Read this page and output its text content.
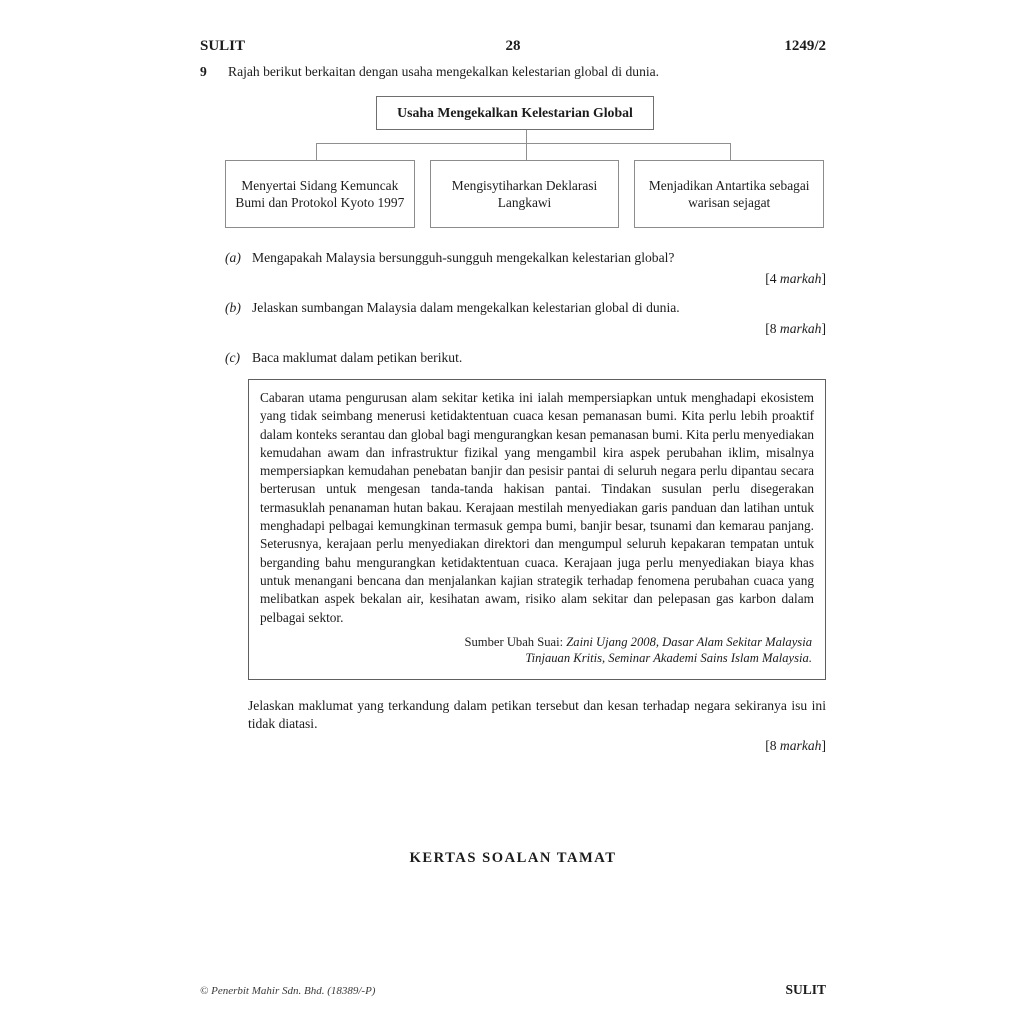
SULIT	28	1249/2
9	Rajah berikut berkaitan dengan usaha mengekalkan kelestarian global di dunia.
Usaha Mengekalkan Kelestarian Global
Menyertai Sidang Kemuncak Bumi dan Protokol Kyoto 1997
Mengisytiharkan Deklarasi Langkawi
Menjadikan Antartika sebagai warisan sejagat
(a) Mengapakah Malaysia bersungguh-sungguh mengekalkan kelestarian global?
[4 markah]
(b) Jelaskan sumbangan Malaysia dalam mengekalkan kelestarian global di dunia.
[8 markah]
(c) Baca maklumat dalam petikan berikut.

Cabaran utama pengurusan alam sekitar ketika ini ialah mempersiapkan untuk menghadapi ekosistem yang tidak seimbang menerusi ketidaktentuan cuaca kesan pemanasan bumi. Kita perlu lebih proaktif dalam konteks serantau dan global bagi mengurangkan kesan pemanasan bumi. Kita perlu menyediakan kemudahan awam dan infrastruktur fizikal yang mengambil kira aspek perubahan iklim, misalnya mempersiapkan kemudahan penebatan banjir dan pesisir pantai di seluruh negara perlu dipantau secara berterusan untuk mengesan tanda-tanda hakisan pantai. Tindakan susulan perlu disegerakan termasuklah penanaman hutan bakau. Kerajaan mestilah menyediakan garis panduan dan latihan untuk menghadapi pelbagai kemungkinan termasuk gempa bumi, banjir besar, tsunami dan kemarau panjang. Seterusnya, kerajaan perlu menyediakan direktori dan mengumpul seluruh kepakaran tempatan untuk berganding bahu mengurangkan ketidaktentuan cuaca. Kerajaan juga perlu menyediakan biaya khas untuk menangani bencana dan menjalankan kajian strategik terhadap fenomena perubahan cuaca yang melibatkan aspek bekalan air, kesihatan awam, risiko alam sekitar dan pelepasan gas karbon dalam pelbagai sektor.

Sumber Ubah Suai: Zaini Ujang 2008, Dasar Alam Sekitar Malaysia
Tinjauan Kritis, Seminar Akademi Sains Islam Malaysia.

Jelaskan maklumat yang terkandung dalam petikan tersebut dan kesan terhadap negara sekiranya isu ini tidak diatasi.

[8 markah]
KERTAS SOALAN TAMAT
© Penerbit Mahir Sdn. Bhd. (18389/-P)	SULIT
